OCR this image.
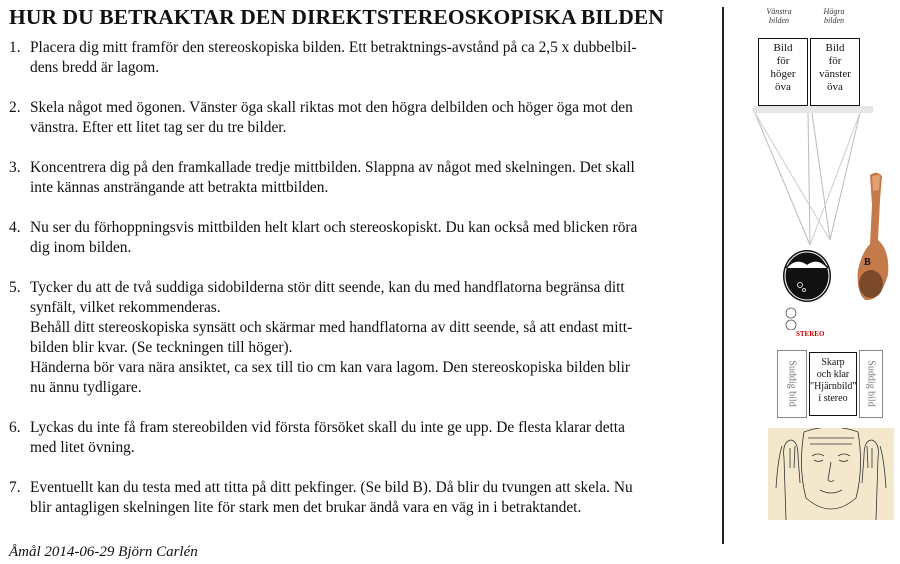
HUR DU BETRAKTAR DEN DIREKTSTEREOSKOPISKA BILDEN
1. Placera dig mitt framför den stereoskopiska bilden. Ett betraktnings-avstånd på ca 2,5 x dubbelbil-
dens bredd är lagom.
2. Skela något med ögonen. Vänster öga skall riktas mot den högra delbilden och höger öga mot den
vänstra. Efter ett litet tag ser du tre bilder.
3. Koncentrera dig på den framkallade tredje mittbilden. Slappna av något med skelningen. Det skall
inte kännas ansträngande att betrakta mittbilden.
4. Nu ser du förhoppningsvis mittbilden helt klart och stereoskopiskt. Du kan också med blicken röra
dig inom bilden.
5. Tycker du att de två suddiga sidobilderna stör ditt seende, kan du med handflatorna begränsa ditt
synfält, vilket rekommenderas.
Behåll ditt stereoskopiska synsätt och skärmar med handflatorna av ditt seende, så att endast mitt-
bilden blir kvar. (Se teckningen till höger).
Händerna bör vara nära ansiktet, ca sex till tio cm kan vara lagom. Den stereoskopiska bilden blir
nu ännu tydligare.
6. Lyckas du inte få fram stereobilden vid första försöket skall du inte ge upp. De flesta klarar detta
med litet övning.
7. Eventuellt kan du testa med att titta på ditt pekfinger. (Se bild B). Då blir du tvungen att skela. Nu
blir antagligen skelningen lite för stark men det brukar ändå vara en väg in i betraktandet.
Åmål 2014-06-29 Björn Carlén
Vänstra
bilden
Högra
bilden
Bild
för
höger
öva
Bild
för
vänster
öva
B
STEREO
Suddig bild	Skarp
och klar
"Hjärnbild"
i stereo	Suddig bild
